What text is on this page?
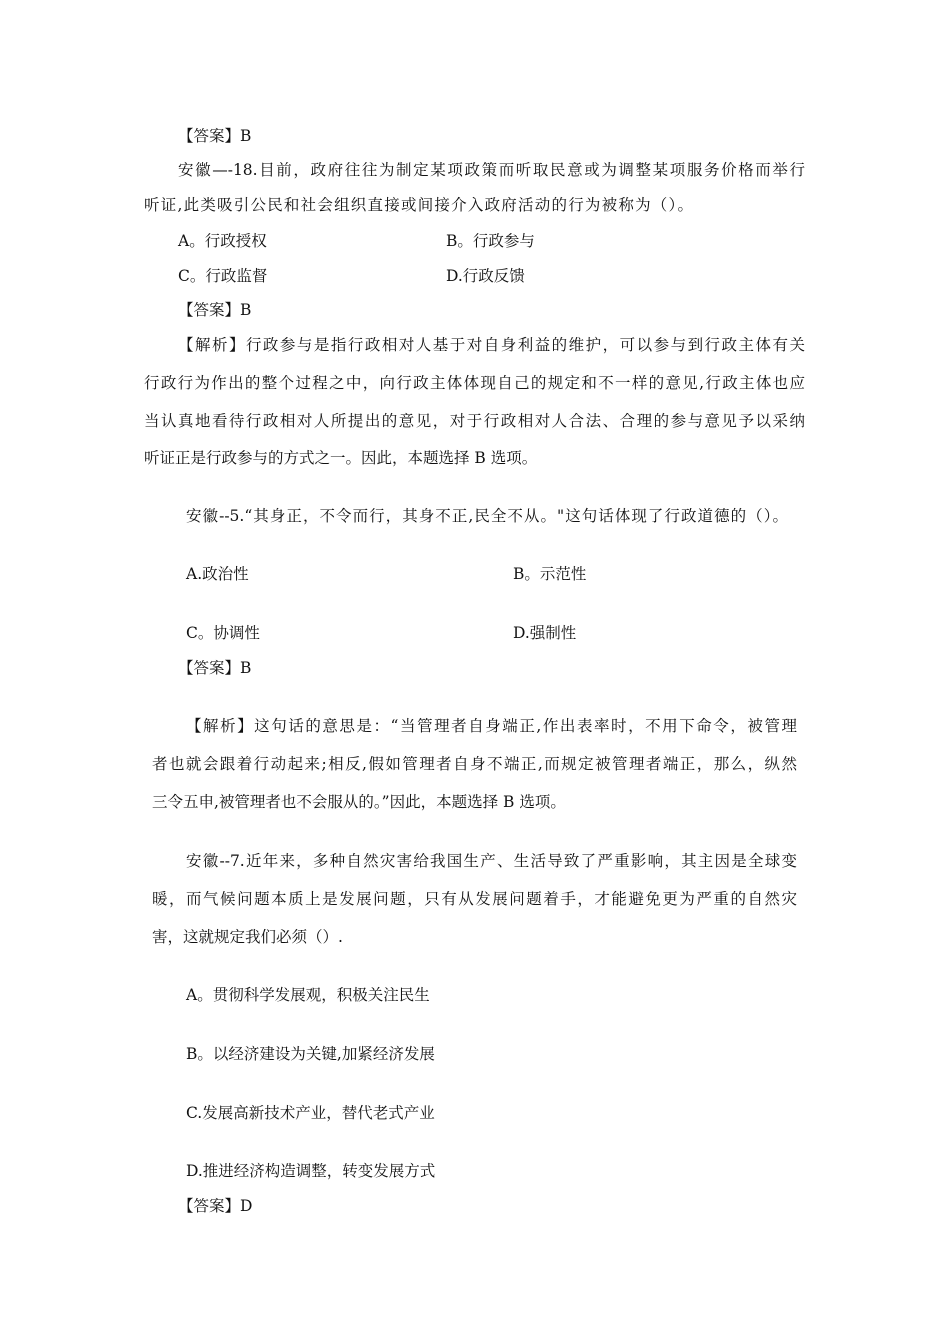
【答案】B
安徽—-18.目前，政府往往为制定某项政策而听取民意或为调整某项服务价格而举行
听证,此类吸引公民和社会组织直接或间接介入政府活动的行为被称为（）。
A。行政授权	B。行政参与
C。行政监督	D.行政反馈
【答案】B
【解析】行政参与是指行政相对人基于对自身利益的维护，可以参与到行政主体有关
行政行为作出的整个过程之中，向行政主体体现自己的规定和不一样的意见,行政主体也应
当认真地看待行政相对人所提出的意见，对于行政相对人合法、合理的参与意见予以采纳
听证正是行政参与的方式之一。因此，本题选择 B 选项。
安徽--5.“其身正，不令而行，其身不正,民全不从。"这句话体现了行政道德的（）。
A.政治性	B。示范性
C。协调性	D.强制性
【答案】B
【解析】这句话的意思是：“当管理者自身端正,作出表率时，不用下命令，被管理
者也就会跟着行动起来;相反,假如管理者自身不端正,而规定被管理者端正，那么，纵然
三令五申,被管理者也不会服从的。”因此，本题选择 B 选项。
安徽--7.近年来，多种自然灾害给我国生产、生活导致了严重影响，其主因是全球变
暖，而气候问题本质上是发展问题，只有从发展问题着手，才能避免更为严重的自然灾
害，这就规定我们必须（）.
A。贯彻科学发展观，积极关注民生
B。以经济建设为关键,加紧经济发展
C.发展高新技术产业，替代老式产业
D.推进经济构造调整，转变发展方式
【答案】D
